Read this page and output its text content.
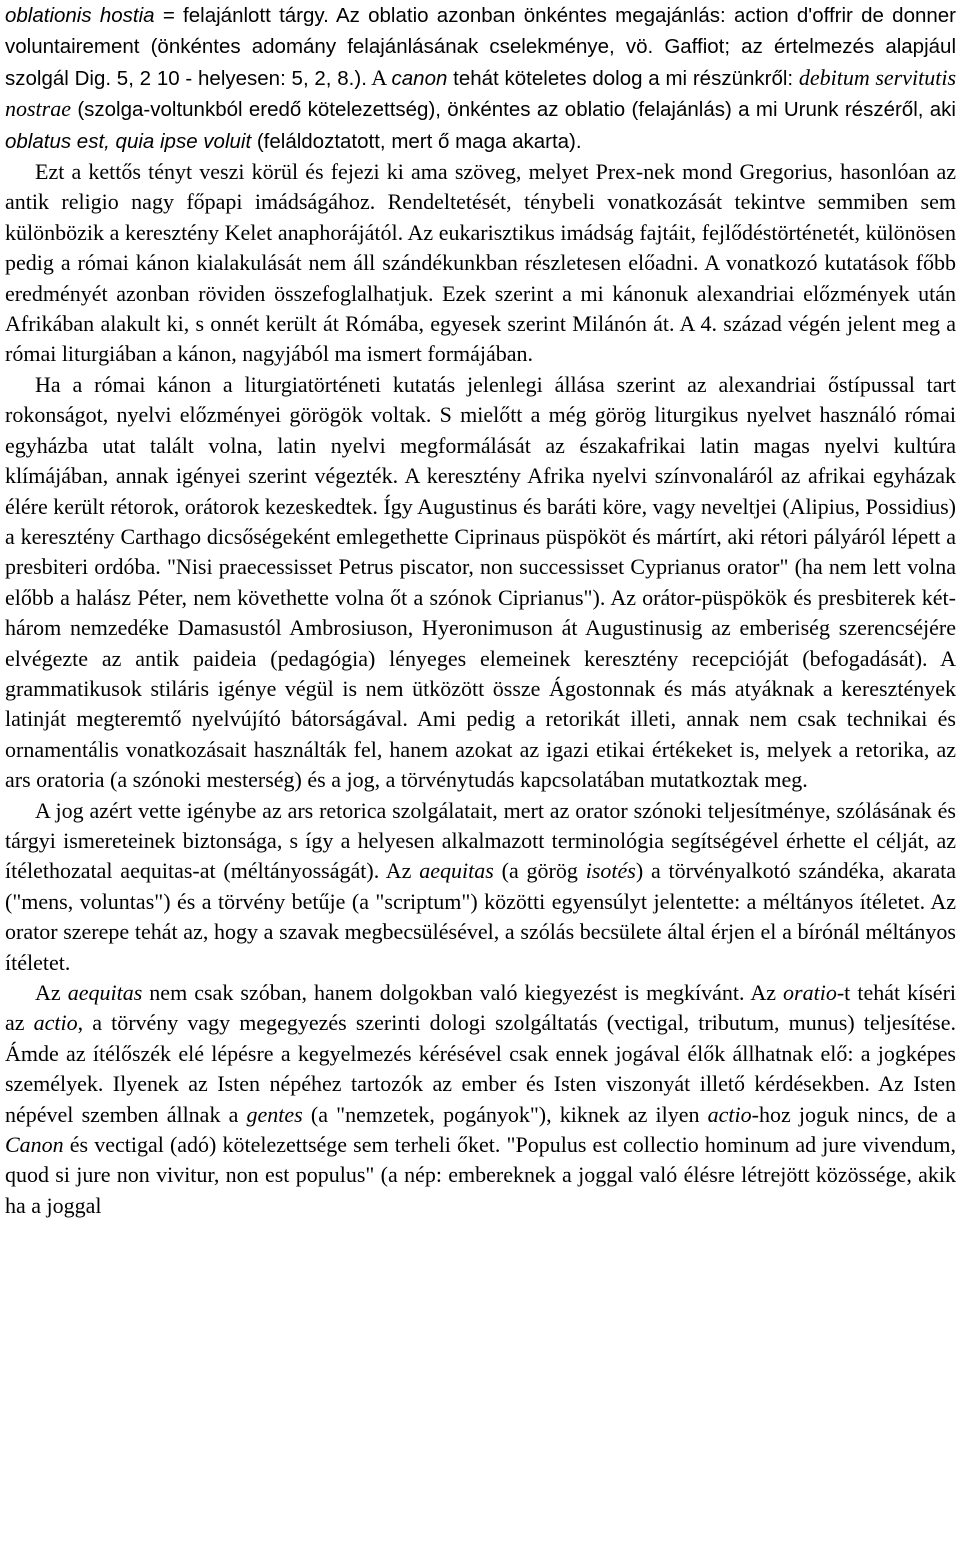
oblationis hostia = felajánlott tárgy. Az oblatio azonban önkéntes megajánlás: action d'offrir de donner voluntairement (önkéntes adomány felajánlásának cselekménye, vö. Gaffiot; az értelmezés alapjául szolgál Dig. 5, 2 10 - helyesen: 5, 2, 8.). A canon tehát köteletes dolog a mi részünkről: debitum servitutis nostrae (szolga-voltunkból eredő kötelezettség), önkéntes az oblatio (felajánlás) a mi Urunk részéről, aki oblatus est, quia ipse voluit (feláldoztatott, mert ő maga akarta).

Ezt a kettős tényt veszi körül és fejezi ki ama szöveg, melyet Prex-nek mond Gregorius, hasonlóan az antik religio nagy főpapi imádságához. Rendeltetését, ténybeli vonatkozását tekintve semmiben sem különbözik a keresztény Kelet anaphorájától. Az eukarisztikus imádság fajtáit, fejlődéstörténetét, különösen pedig a római kánon kialakulását nem áll szándékunkban részletesen előadni. A vonatkozó kutatások főbb eredményét azonban röviden összefoglalhatjuk. Ezek szerint a mi kánonuk alexandriai előzmények után Afrikában alakult ki, s onnét került át Rómába, egyesek szerint Milánón át. A 4. század végén jelent meg a római liturgiában a kánon, nagyjából ma ismert formájában.

Ha a római kánon a liturgiatörténeti kutatás jelenlegi állása szerint az alexandriai őstípussal tart rokonságot, nyelvi előzményei görögök voltak. S mielőtt a még görög liturgikus nyelvet használó római egyházba utat talált volna, latin nyelvi megformálását az északafrikai latin magas nyelvi kultúra klímájában, annak igényei szerint végezték. A keresztény Afrika nyelvi színvonaláról az afrikai egyházak élére került rétorok, orátorok kezeskedtek. Így Augustinus és baráti köre, vagy neveltjei (Alipius, Possidius) a keresztény Carthago dicsőségeként emlegethette Ciprinaus püspököt és mártírt, aki rétori pályáról lépett a presbiteri ordóba. "Nisi praecessisset Petrus piscator, non successisset Cyprianus orator" (ha nem lett volna előbb a halász Péter, nem követhette volna őt a szónok Ciprianus"). Az orátor-püspökök és presbiterek két-három nemzedéke Damasustól Ambrosiuson, Hyeronimuson át Augustinusig az emberiség szerencséjére elvégezte az antik paideia (pedagógia) lényeges elemeinek keresztény recepcióját (befogadását). A grammatikusok stiláris igénye végül is nem ütközött össze Ágostonnak és más atyáknak a keresztények latinját megteremtő nyelvújító bátorságával. Ami pedig a retorikát illeti, annak nem csak technikai és ornamentális vonatkozásait használták fel, hanem azokat az igazi etikai értékeket is, melyek a retorika, az ars oratoria (a szónoki mesterség) és a jog, a törvénytudás kapcsolatában mutatkoztak meg.

A jog azért vette igénybe az ars retorica szolgálatait, mert az orator szónoki teljesítménye, szólásának és tárgyi ismereteinek biztonsága, s így a helyesen alkalmazott terminológia segítségével érhette el célját, az ítélethozatal aequitas-at (méltányosságát). Az aequitas (a görög isotés) a törvényalkotó szándéka, akarata ("mens, voluntas") és a törvény betűje (a "scriptum") közötti egyensúlyt jelentette: a méltányos ítéletet. Az orator szerepe tehát az, hogy a szavak megbecsülésével, a szólás becsülete által érjen el a bírónál méltányos ítéletet.

Az aequitas nem csak szóban, hanem dolgokban való kiegyezést is megkívánt. Az oratio-t tehát kíséri az actio, a törvény vagy megegyezés szerinti dologi szolgáltatás (vectigal, tributum, munus) teljesítése. Ámde az ítélőszék elé lépésre a kegyelmezés kérésével csak ennek jogával élők állhatnak elő: a jogképes személyek. Ilyenek az Isten népéhez tartozók az ember és Isten viszonyát illető kérdésekben. Az Isten népével szemben állnak a gentes (a "nemzetek, pogányok"), kiknek az ilyen actio-hoz joguk nincs, de a Canon és vectigal (adó) kötelezettsége sem terheli őket. "Populus est collectio hominum ad jure vivendum, quod si jure non vivitur, non est populus" (a nép: embereknek a joggal való élésre létrejött közössége, akik ha a joggal
